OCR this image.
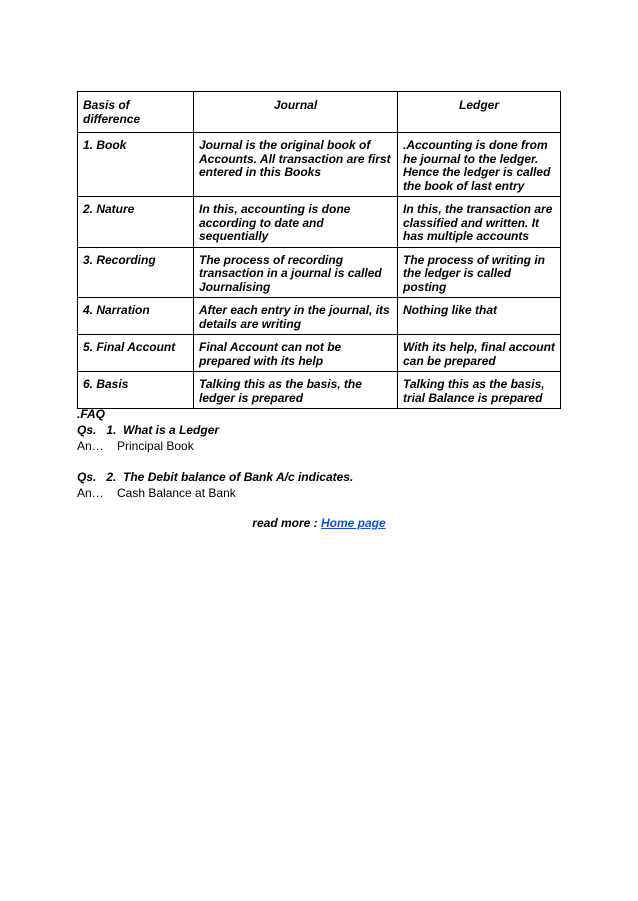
Basis of difference	Journal	Ledger
1. Book	Journal is the original book of Accounts. All transaction are first entered in this Books	.Accounting is done from he journal to the ledger. Hence the ledger is called the book of last entry
2. Nature	In this, accounting is done according to date and sequentially	In this, the transaction are classified and written. It has multiple accounts
3. Recording	The process of recording transaction in a journal is called Journalising	The process of writing in the ledger is called posting
4. Narration	After each entry in the journal, its details are writing	Nothing like that
5. Final Account	Final Account can not be prepared with its help	With its help, final account can be prepared
6. Basis	Talking this as the basis, the ledger is prepared	Talking this as the basis, trial Balance is prepared
.FAQ
Qs.   1.  What is a Ledger
An…    Principal Book
Qs.   2.  The Debit balance of Bank A/c indicates.
An…    Cash Balance at Bank
read more : Home page
